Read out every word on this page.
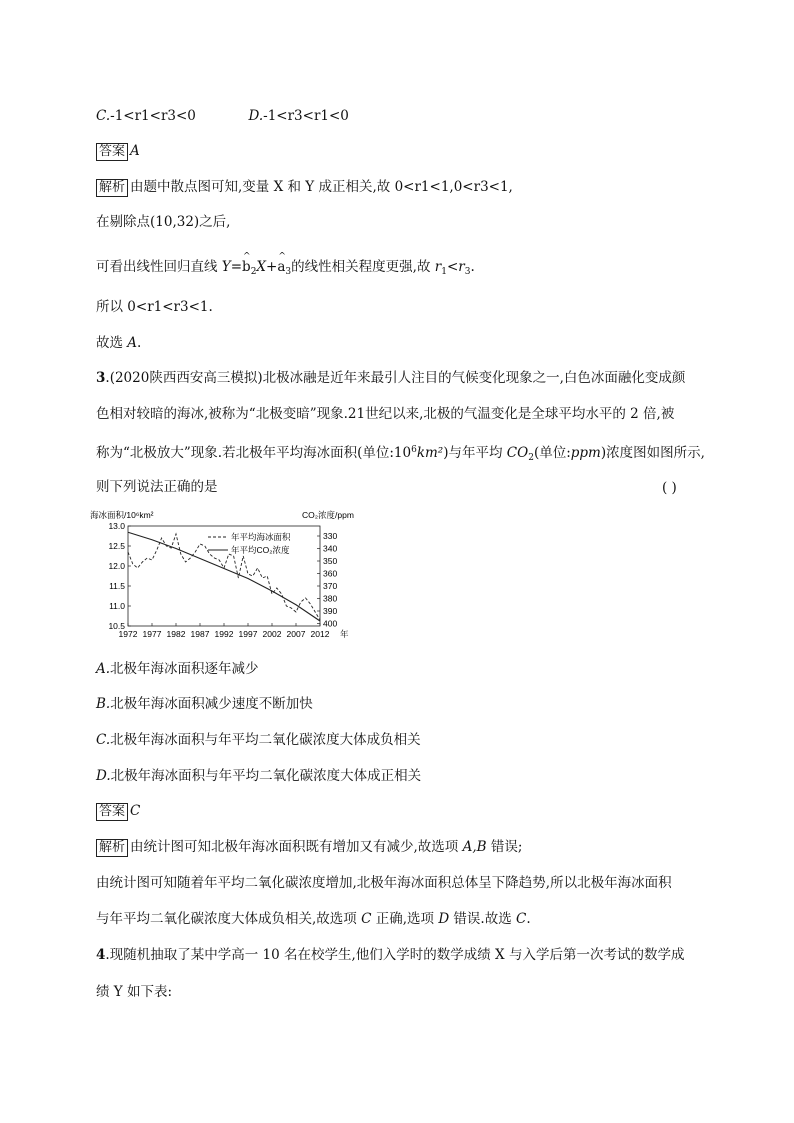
C.-1<r1<r3<0	D.-1<r3<r1<0
答案 A
解析 由题中散点图可知,变量 X 和 Y 成正相关,故 0<r1<1,0<r3<1,
在剔除点(10,32)之后,
可看出线性回归直线 Y=^ $b_2X+\^{}$ $a_3$的线性相关程度更强,故 $r_1<r_3$.
所以 0<r1<r3<1.
故选 A.
3.(2020陕西西安高三模拟)北极冰融是近年来最引人注目的气候变化现象之一,白色冰面融化变成颜
色相对较暗的海冰,被称为“北极变暗”现象.21世纪以来,北极的气温变化是全球平均水平的 2 倍,被
称为“北极放大”现象.若北极年平均海冰面积(单位$:10^6km^2$)与年平均 $CO_2$(单位:ppm)浓度图如图所示,
则下列说法正确的是	( )
海冰面积/10⁶km²	CO₂浓度/ppm
13.0
12.5
12.0
11.5
11.0
10.5
330
340
350
360
370
380
390
400
1972 1977 1982 1987 1992 1997 2002 2007 2012
年平均海冰面积
年平均CO₂浓度
年
A.北极年海冰面积逐年减少
B.北极年海冰面积减少速度不断加快
C.北极年海冰面积与年平均二氧化碳浓度大体成负相关
D.北极年海冰面积与年平均二氧化碳浓度大体成正相关
答案 C
解析 由统计图可知北极年海冰面积既有增加又有减少,故选项 A,B 错误;
由统计图可知随着年平均二氧化碳浓度增加,北极年海冰面积总体呈下降趋势,所以北极年海冰面积
与年平均二氧化碳浓度大体成负相关,故选项 C 正确,选项 D 错误.故选 C.
4.现随机抽取了某中学高一 10 名在校学生,他们入学时的数学成绩 X 与入学后第一次考试的数学成
绩 Y 如下表:
